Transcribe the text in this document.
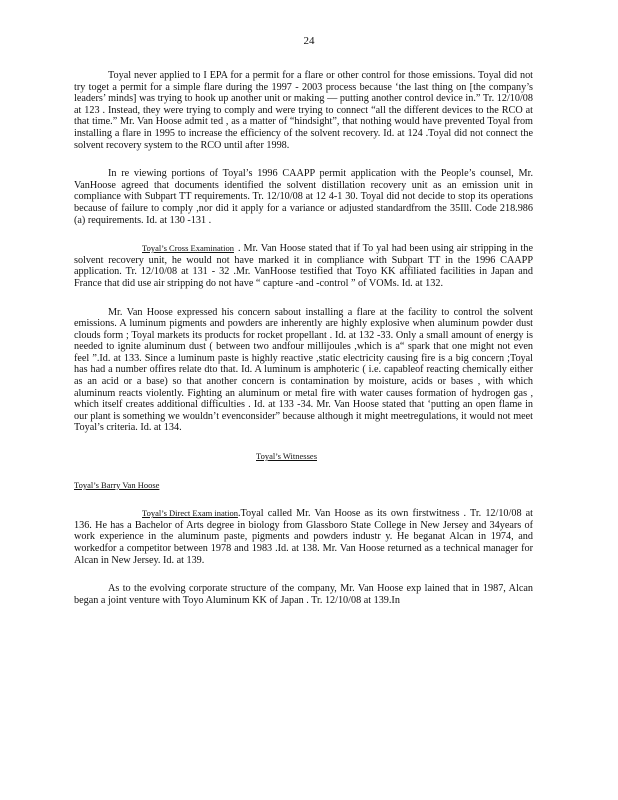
24

Toyal never applied to I EPA for a permit for a flare or other control for those emissions. Toyal did not try toget a permit for a simple flare during the 1997 - 2003 process because ‘the last thing on [the company’s leaders’ minds] was trying to hook up another unit or making — putting another control device in.” Tr. 12/10/08 at 123 . Instead, they were trying to comply and were trying to connect “all the different devices to the RCO at that time.” Mr. Van Hoose admit ted , as a matter of “hindsight”, that nothing would have prevented Toyal from installing a flare in 1995 to increase the efficiency of the solvent recovery. Id. at 124 .Toyal did not connect the solvent recovery system to the RCO until after 1998.

In re viewing portions of Toyal’s 1996 CAAPP permit application with the People’s counsel, Mr. VanHoose agreed that documents identified the solvent distillation recovery unit as an emission unit in compliance with Subpart TT requirements. Tr. 12/10/08 at 12 4-1 30. Toyal did not decide to stop its operations because of failure to comply ,nor did it apply for a variance or adjusted standardfrom the 35Ill. Code 218.986 (a) requirements. Id. at 130 -131 .

Toyal’s Cross Examination . Mr. Van Hoose stated that if To yal had been using air stripping in the solvent recovery unit, he would not have marked it in compliance with Subpart TT in the 1996 CAAPP application. Tr. 12/10/08 at 131 - 32 .Mr. VanHoose testified that Toyo KK affiliated facilities in Japan and France that did use air stripping do not have “ capture -and -control ” of VOMs. Id. at 132.

Mr. Van Hoose expressed his concern sabout installing a flare at the facility to control the solvent emissions. A luminum pigments and powders are inherently are highly explosive when aluminum powder dust clouds form ; Toyal markets its products for rocket propellant . Id. at 132 -33. Only a small amount of energy is needed to ignite aluminum dust ( between two andfour millijoules ,which is a“ spark that one might not even feel ”.Id. at 133. Since a luminum paste is highly reactive ,static electricity causing fire is a big concern ;Toyal has had a number offires relate dto that. Id. A luminum is amphoteric ( i.e. capableof reacting chemically either as an acid or a base) so that another concern is contamination by moisture, acids or bases , with which aluminum reacts violently. Fighting an aluminum or metal fire with water causes formation of hydrogen gas , which itself creates additional difficulties . Id. at 133 -34. Mr. Van Hoose stated that ‘putting an open flame in our plant is something we wouldn’t evenconsider” because although it might meetregulations, it would not meet Toyal’s criteria. Id. at 134.

Toyal’s Witnesses
Toyal’s Barry Van Hoose

Toyal’s Direct Exam ination.Toyal called Mr. Van Hoose as its own firstwitness . Tr. 12/10/08 at 136. He has a Bachelor of Arts degree in biology from Glassboro State College in New Jersey and 34years of work experience in the aluminum paste, pigments and powders industr y. He beganat Alcan in 1974, and workedfor a competitor between 1978 and 1983 .Id. at 138. Mr. Van Hoose returned as a technical manager for Alcan in New Jersey. Id. at 139.

As to the evolving corporate structure of the company, Mr. Van Hoose exp lained that in 1987, Alcan began a joint venture with Toyo Aluminum KK of Japan . Tr. 12/10/08 at 139.In
